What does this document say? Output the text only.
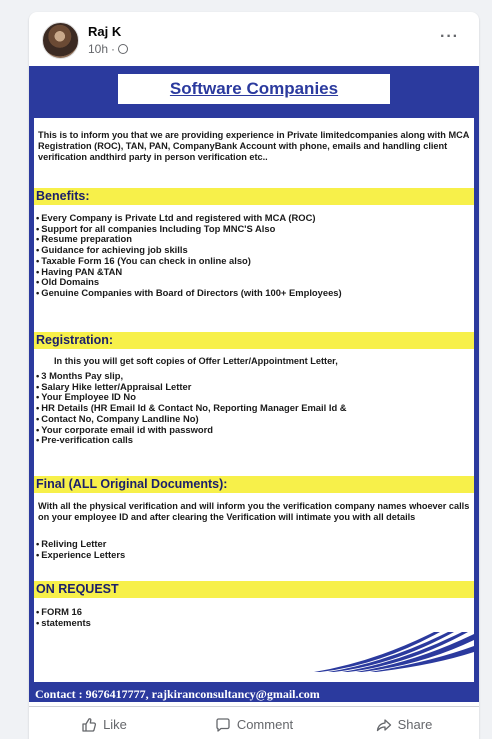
Raj K
10h ·
···
Software Companies
This is to inform you that we are providing experience in Private limitedcompanies along with MCA Registration (ROC), TAN, PAN, CompanyBank Account with phone, emails and handling client verification andthird party in person verification etc..
Benefits:
• Every Company is Private Ltd and registered with MCA (ROC)
• Support for all companies Including Top MNC'S Also
• Resume preparation
• Guidance for achieving job skills
• Taxable Form 16 (You can check in online also)
• Having PAN &TAN
• Old Domains
• Genuine Companies with Board of Directors (with 100+ Employees)
Registration:
In this you will get soft copies of Offer Letter/Appointment Letter,
• 3 Months Pay slip,
• Salary Hike letter/Appraisal Letter
• Your Employee ID No
• HR Details (HR Email Id & Contact No, Reporting Manager Email Id &
• Contact No, Company Landline No)
• Your corporate email id with password
• Pre-verification calls
Final (ALL Original Documents):
With all the physical verification and will inform you the verification company names whoever calls on your employee ID and after clearing the Verification will intimate you with all details
• Reliving Letter
• Experience Letters
ON REQUEST
• FORM 16
• statements
Contact : 9676417777, rajkiranconsultancy@gmail.com
Like	Comment	Share
